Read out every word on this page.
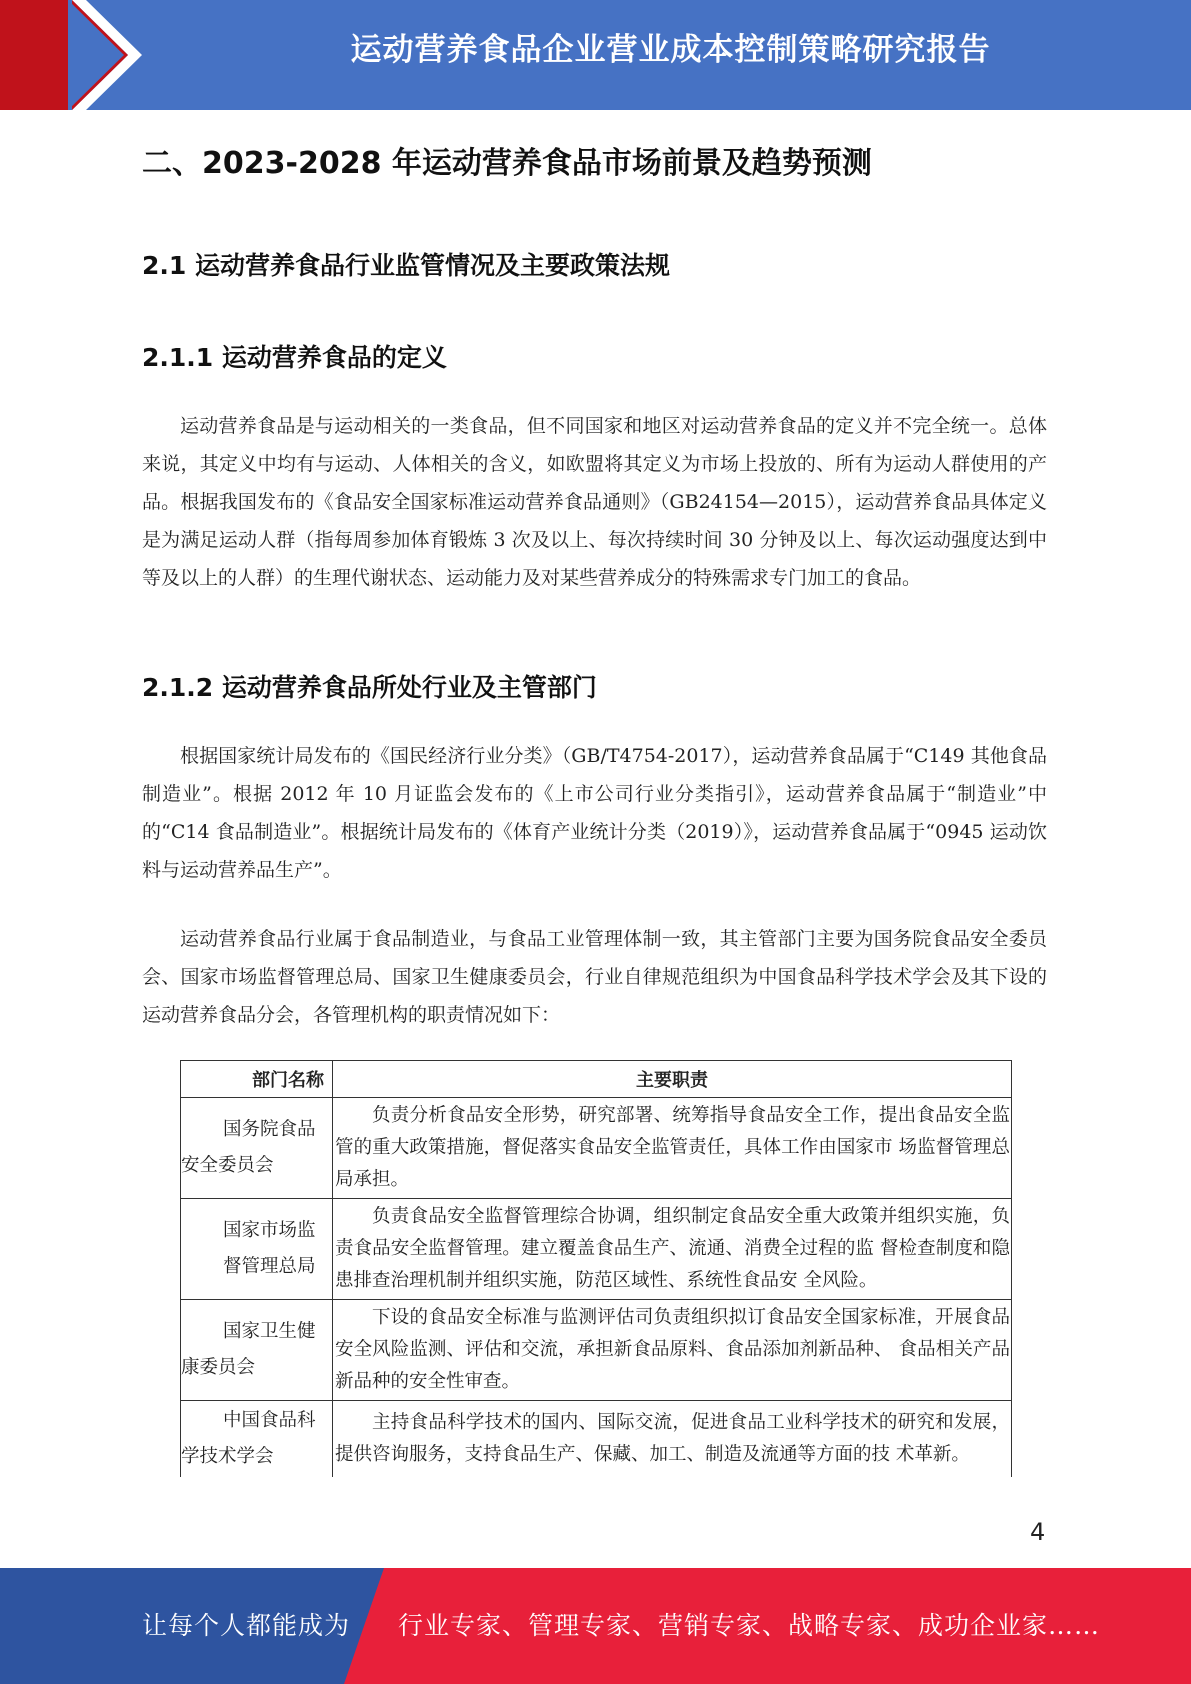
运动营养食品企业营业成本控制策略研究报告
二、2023-2028 年运动营养食品市场前景及趋势预测
2.1 运动营养食品行业监管情况及主要政策法规
2.1.1 运动营养食品的定义

运动营养食品是与运动相关的一类食品，但不同国家和地区对运动营养食品的定义并不完全统一。总体来说，其定义中均有与运动、人体相关的含义，如欧盟将其定义为市场上投放的、所有为运动人群使用的产品。根据我国发布的《食品安全国家标准运动营养食品通则》（GB24154—2015），运动营养食品具体定义是为满足运动人群（指每周参加体育锻炼 3 次及以上、每次持续时间 30 分钟及以上、每次运动强度达到中等及以上的人群）的生理代谢状态、运动能力及对某些营养成分的特殊需求专门加工的食品。

2.1.2 运动营养食品所处行业及主管部门

根据国家统计局发布的《国民经济行业分类》（GB/T4754-2017），运动营养食品属于“C149 其他食品制造业”。根据 2012 年 10 月证监会发布的《上市公司行业分类指引》，运动营养食品属于“制造业”中的“C14 食品制造业”。根据统计局发布的《体育产业统计分类（2019）》，运动营养食品属于“0945 运动饮料与运动营养品生产”。

运动营养食品行业属于食品制造业，与食品工业管理体制一致，其主管部门主要为国务院食品安全委员会、国家市场监督管理总局、国家卫生健康委员会，行业自律规范组织为中国食品科学技术学会及其下设的运动营养食品分会，各管理机构的职责情况如下：

部门名称	主要职责
国务院食品
安全委员会	负责分析食品安全形势，研究部署、统筹指导食品安全工作，提出食品安全监管的重大政策措施，督促落实食品安全监管责任，具体工作由国家市 场监督管理总局承担。
国家市场监
督管理总局	负责食品安全监督管理综合协调，组织制定食品安全重大政策并组织实施，负责食品安全监督管理。建立覆盖食品生产、流通、消费全过程的监 督检查制度和隐患排查治理机制并组织实施，防范区域性、系统性食品安 全风险。
国家卫生健
康委员会	下设的食品安全标准与监测评估司负责组织拟订食品安全国家标准，开展食品安全风险监测、评估和交流，承担新食品原料、食品添加剂新品种、 食品相关产品新品种的安全性审查。
中国食品科
学技术学会	主持食品科学技术的国内、国际交流，促进食品工业科学技术的研究和发展，提供咨询服务，支持食品生产、保藏、加工、制造及流通等方面的技 术革新。
4
让每个人都能成为 行业专家、管理专家、营销专家、战略专家、成功企业家……
